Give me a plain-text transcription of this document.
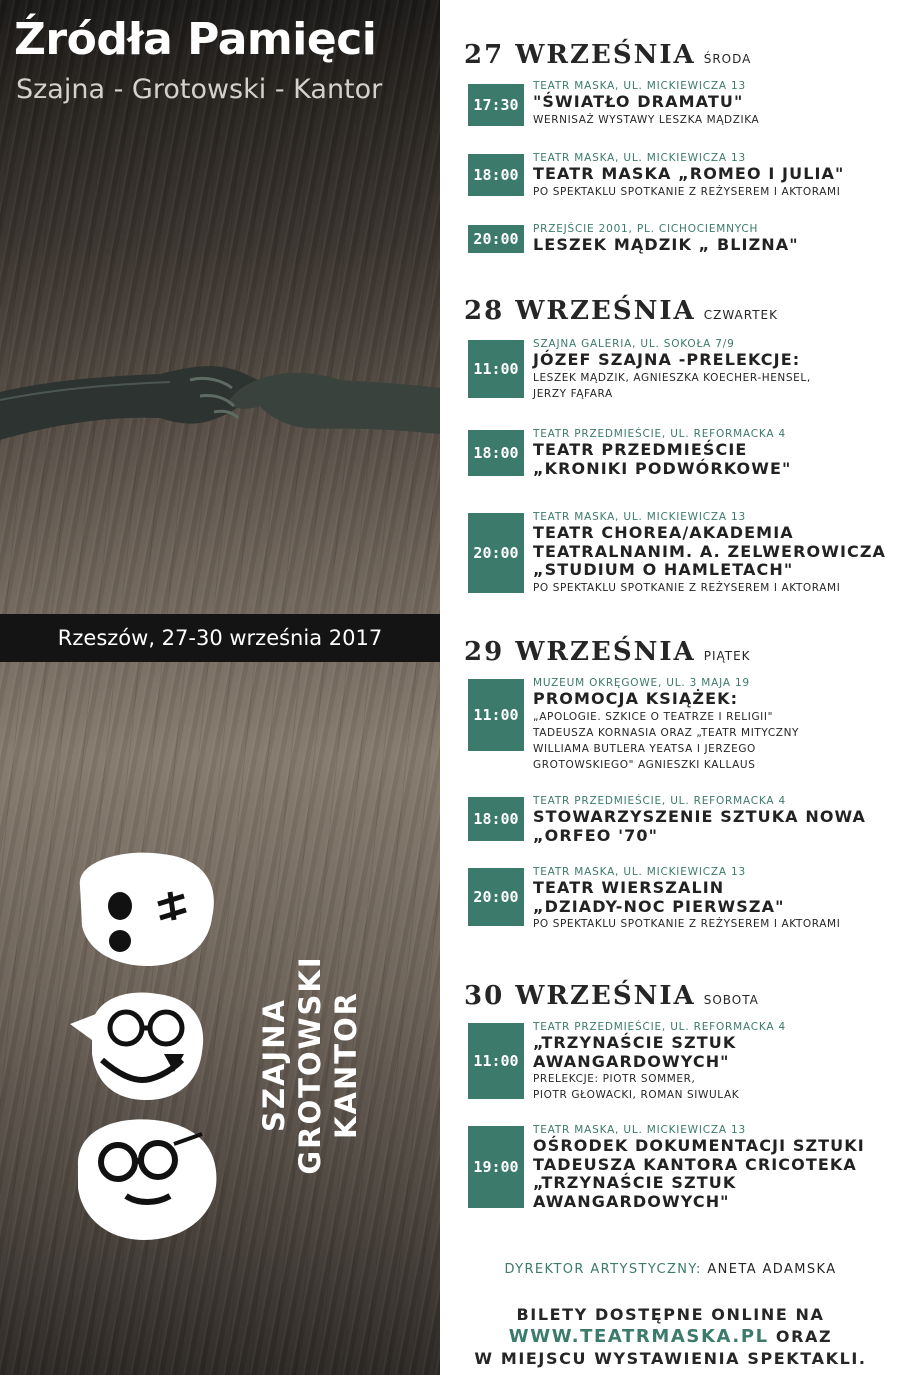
Źródła Pamięci

Szajna - Grotowski - Kantor

Rzeszów, 27-30 września 2017
SZAJNA GROTOWSKI KANTOR
27 WRZEŚNIA ŚRODA
17:30
TEATR MASKA, UL. MICKIEWICZA 13
"ŚWIATŁO DRAMATU"
WERNISAŻ WYSTAWY LESZKA MĄDZIKA
18:00
TEATR MASKA, UL. MICKIEWICZA 13
TEATR MASKA „ROMEO I JULIA"
PO SPEKTAKLU SPOTKANIE Z REŻYSEREM I AKTORAMI
20:00
PRZEJŚCIE 2001, PL. CICHOCIEMNYCH
LESZEK MĄDZIK „ BLIZNA"
28 WRZEŚNIA CZWARTEK
11:00
SZAJNA GALERIA, UL. SOKOŁA 7/9
JÓZEF SZAJNA -PRELEKCJE:
LESZEK MĄDZIK, AGNIESZKA KOECHER-HENSEL,
JERZY FĄFARA
18:00
TEATR PRZEDMIEŚCIE, UL. REFORMACKA 4
TEATR PRZEDMIEŚCIE
„KRONIKI PODWÓRKOWE"
20:00
TEATR MASKA, UL. MICKIEWICZA 13
TEATR CHOREA/AKADEMIA
TEATRALNANIM. A. ZELWEROWICZA
„STUDIUM O HAMLETACH"
PO SPEKTAKLU SPOTKANIE Z REŻYSEREM I AKTORAMI
29 WRZEŚNIA PIĄTEK
11:00
MUZEUM OKRĘGOWE, UL. 3 MAJA 19
PROMOCJA KSIĄŻEK:
„APOLOGIE. SZKICE O TEATRZE I RELIGII"
TADEUSZA KORNASIA ORAZ „TEATR MITYCZNY
WILLIAMA BUTLERA YEATSA I JERZEGO
GROTOWSKIEGO" AGNIESZKI KALLAUS
18:00
TEATR PRZEDMIEŚCIE, UL. REFORMACKA 4
STOWARZYSZENIE SZTUKA NOWA
„ORFEO '70"
20:00
TEATR MASKA, UL. MICKIEWICZA 13
TEATR WIERSZALIN
„DZIADY-NOC PIERWSZA"
PO SPEKTAKLU SPOTKANIE Z REŻYSEREM I AKTORAMI
30 WRZEŚNIA SOBOTA
11:00
TEATR PRZEDMIEŚCIE, UL. REFORMACKA 4
„TRZYNAŚCIE SZTUK
AWANGARDOWYCH"
PRELEKCJE: PIOTR SOMMER,
PIOTR GŁOWACKI, ROMAN SIWULAK
19:00
TEATR MASKA, UL. MICKIEWICZA 13
OŚRODEK DOKUMENTACJI SZTUKI
TADEUSZA KANTORA CRICOTEKA
„TRZYNAŚCIE SZTUK
AWANGARDOWYCH"
DYREKTOR ARTYSTYCZNY: ANETA ADAMSKA
BILETY DOSTĘPNE ONLINE NA
WWW.TEATRMASKA.PL ORAZ
W MIEJSCU WYSTAWIENIA SPEKTAKLI.
